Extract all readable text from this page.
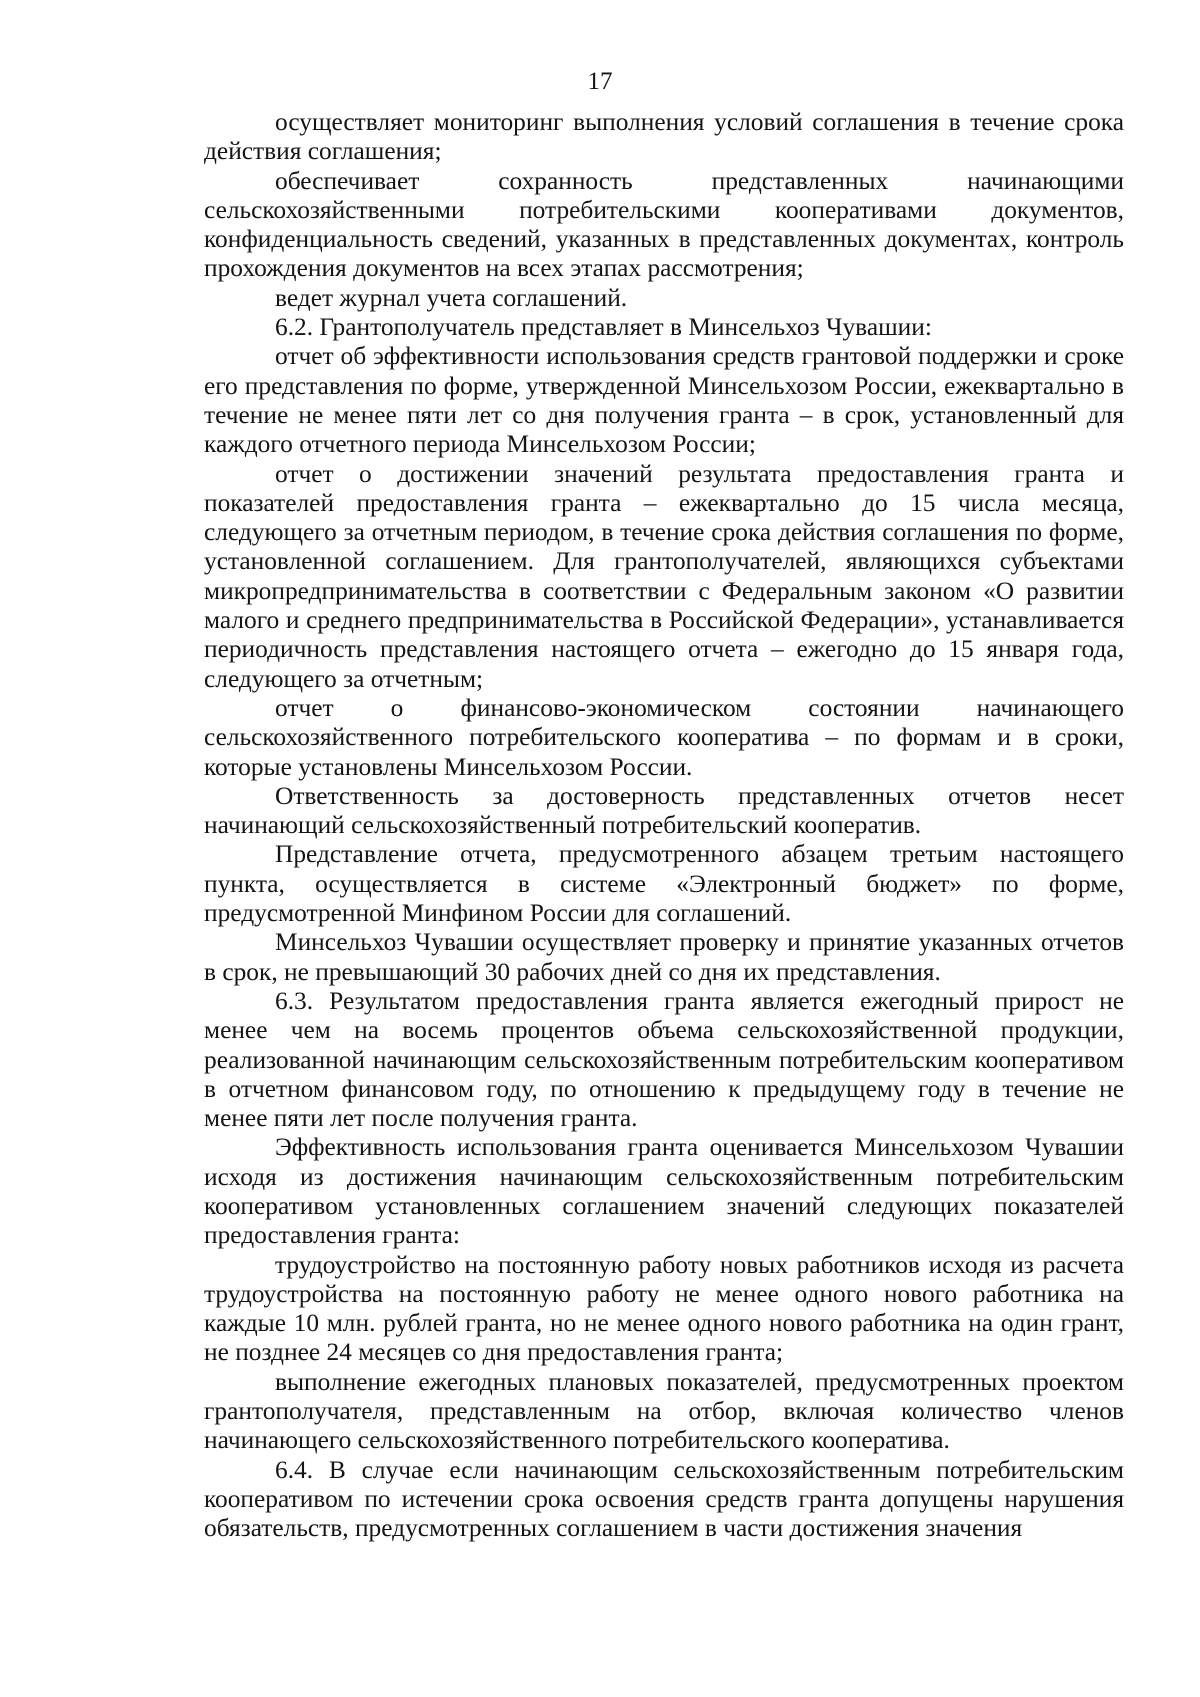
17

осуществляет мониторинг выполнения условий соглашения в течение срока действия соглашения;

обеспечивает сохранность представленных начинающими сельскохозяйственными потребительскими кооперативами документов, конфиденциальность сведений, указанных в представленных документах, контроль прохождения документов на всех этапах рассмотрения;

ведет журнал учета соглашений.

6.2. Грантополучатель представляет в Минсельхоз Чувашии:

отчет об эффективности использования средств грантовой поддержки и сроке его представления по форме, утвержденной Минсельхозом России, ежеквартально в течение не менее пяти лет со дня получения гранта – в срок, установленный для каждого отчетного периода Минсельхозом России;

отчет о достижении значений результата предоставления гранта и показателей предоставления гранта – ежеквартально до 15 числа месяца, следующего за отчетным периодом, в течение срока действия соглашения по форме, установленной соглашением. Для грантополучателей, являющихся субъектами микропредпринимательства в соответствии с Федеральным законом «О развитии малого и среднего предпринимательства в Российской Федерации», устанавливается периодичность представления настоящего отчета – ежегодно до 15 января года, следующего за отчетным;

отчет о финансово-экономическом состоянии начинающего сельскохозяйственного потребительского кооператива – по формам и в сроки, которые установлены Минсельхозом России.

Ответственность за достоверность представленных отчетов несет начинающий сельскохозяйственный потребительский кооператив.

Представление отчета, предусмотренного абзацем третьим настоящего пункта, осуществляется в системе «Электронный бюджет» по форме, предусмотренной Минфином России для соглашений.

Минсельхоз Чувашии осуществляет проверку и принятие указанных отчетов в срок, не превышающий 30 рабочих дней со дня их представления.

6.3. Результатом предоставления гранта является ежегодный прирост не менее чем на восемь процентов объема сельскохозяйственной продукции, реализованной начинающим сельскохозяйственным потребительским кооперативом в отчетном финансовом году, по отношению к предыдущему году в течение не менее пяти лет после получения гранта.

Эффективность использования гранта оценивается Минсельхозом Чувашии исходя из достижения начинающим сельскохозяйственным потребительским кооперативом установленных соглашением значений следующих показателей предоставления гранта:

трудоустройство на постоянную работу новых работников исходя из расчета трудоустройства на постоянную работу не менее одного нового работника на каждые 10 млн. рублей гранта, но не менее одного нового работника на один грант, не позднее 24 месяцев со дня предоставления гранта;

выполнение ежегодных плановых показателей, предусмотренных проектом грантополучателя, представленным на отбор, включая количество членов начинающего сельскохозяйственного потребительского кооператива.

6.4. В случае если начинающим сельскохозяйственным потребительским кооперативом по истечении срока освоения средств гранта допущены нарушения обязательств, предусмотренных соглашением в части достижения значения
